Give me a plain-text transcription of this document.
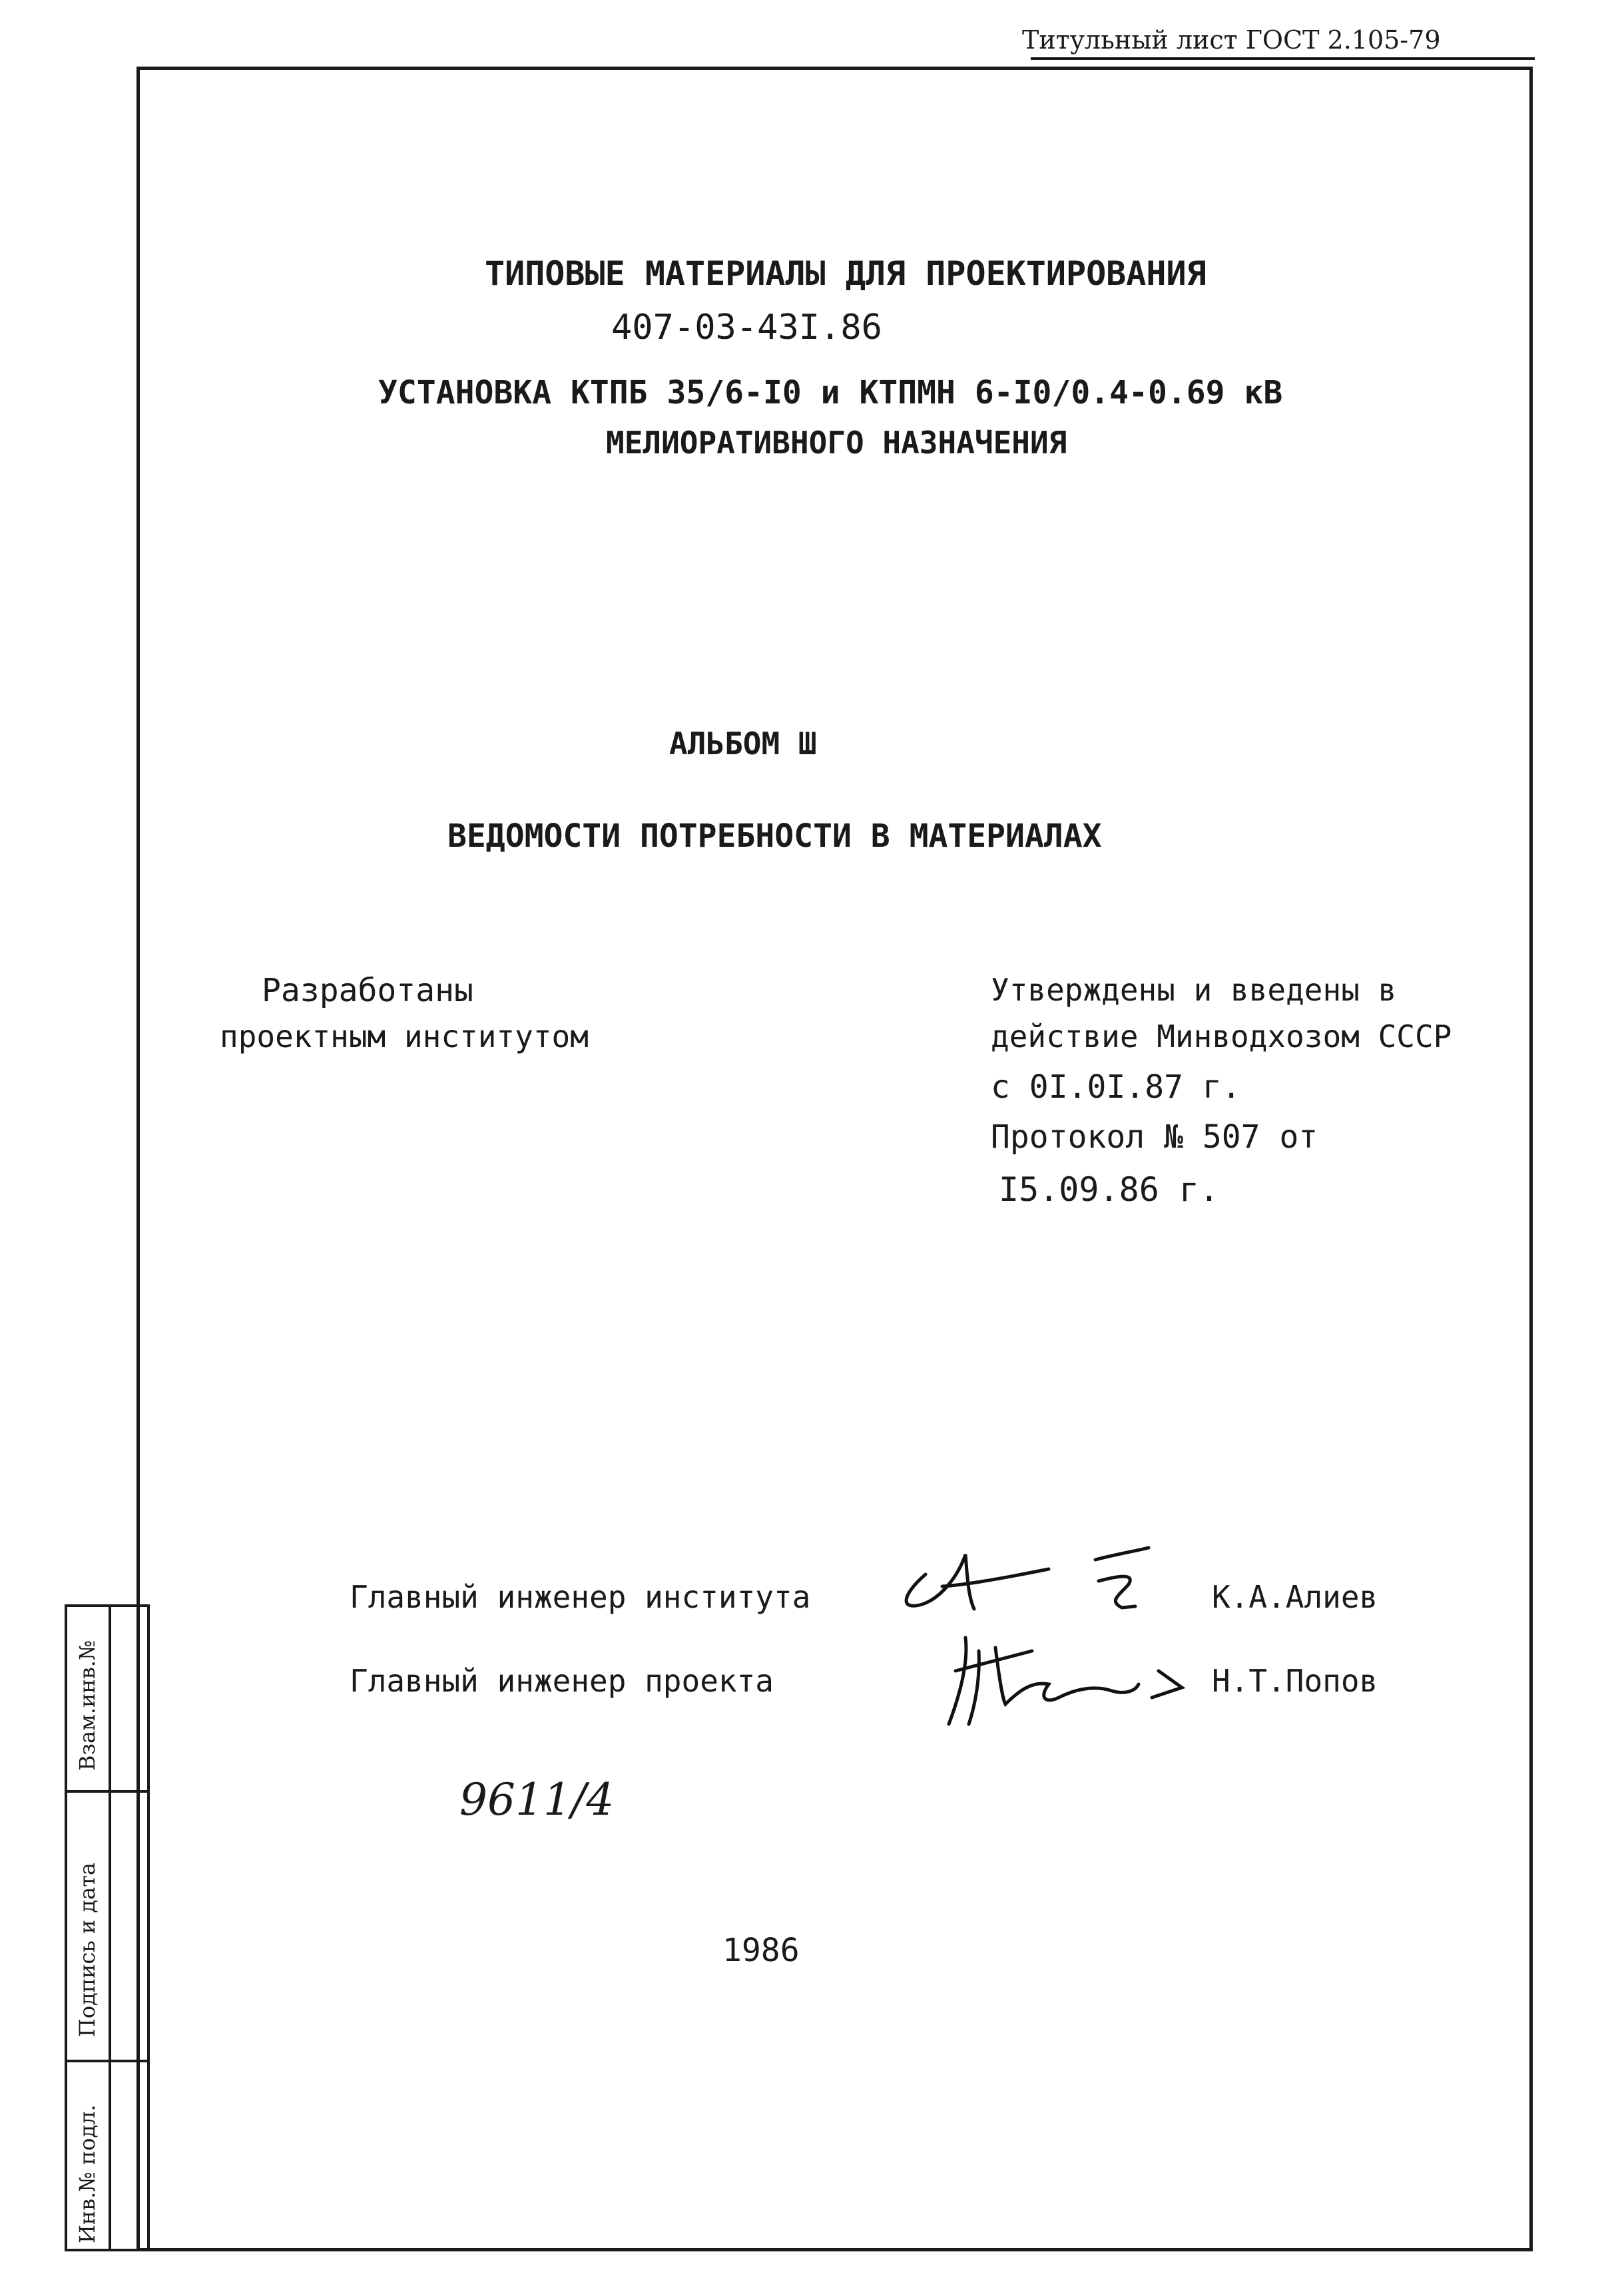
Титульный лист ГОСТ 2.105-79
ТИПОВЫЕ МАТЕРИАЛЫ ДЛЯ ПРОЕКТИРОВАНИЯ
407-03-43I.86
УСТАНОВКА КТПБ 35/6-I0 и КТПМН 6-I0/0.4-0.69 кВ
МЕЛИОРАТИВНОГО НАЗНАЧЕНИЯ
АЛЬБОМ Ш
ВЕДОМОСТИ ПОТРЕБНОСТИ В МАТЕРИАЛАХ
Разработаны
проектным институтом
Утверждены и введены в
действие Минводхозом СССР
с 0I.0I.87 г.
Протокол № 507 от
I5.09.86 г.
Главный инженер института	К.А.Алиев
Главный инженер проекта	Н.Т.Попов
9611/4
1986
Взам.инв.№
Подпись и дата
Инв.№ подл.
